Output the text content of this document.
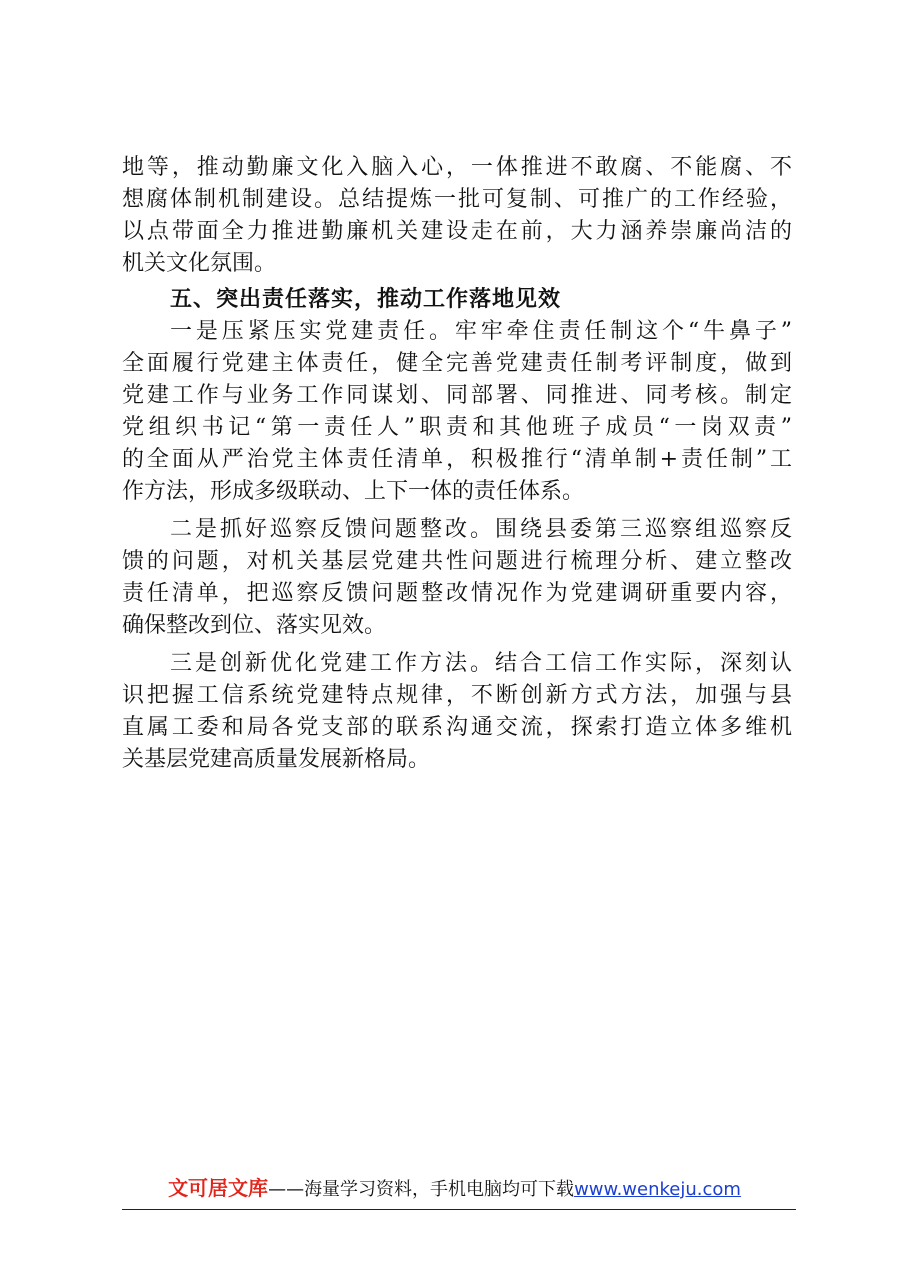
地等，推动勤廉文化入脑入心，一体推进不敢腐、不能腐、不
想腐体制机制建设。总结提炼一批可复制、可推广的工作经验，
以点带面全力推进勤廉机关建设走在前，大力涵养崇廉尚洁的
机关文化氛围。
五、突出责任落实，推动工作落地见效
一是压紧压实党建责任。牢牢牵住责任制这个“牛鼻子”
全面履行党建主体责任，健全完善党建责任制考评制度，做到
党建工作与业务工作同谋划、同部署、同推进、同考核。制定
党组织书记“第一责任人”职责和其他班子成员“一岗双责”
的全面从严治党主体责任清单，积极推行“清单制+责任制”工
作方法，形成多级联动、上下一体的责任体系。
二是抓好巡察反馈问题整改。围绕县委第三巡察组巡察反
馈的问题，对机关基层党建共性问题进行梳理分析、建立整改
责任清单，把巡察反馈问题整改情况作为党建调研重要内容，
确保整改到位、落实见效。
三是创新优化党建工作方法。结合工信工作实际，深刻认
识把握工信系统党建特点规律，不断创新方式方法，加强与县
直属工委和局各党支部的联系沟通交流，探索打造立体多维机
关基层党建高质量发展新格局。
文可居文库——海量学习资料，手机电脑均可下载www.wenkeju.com
